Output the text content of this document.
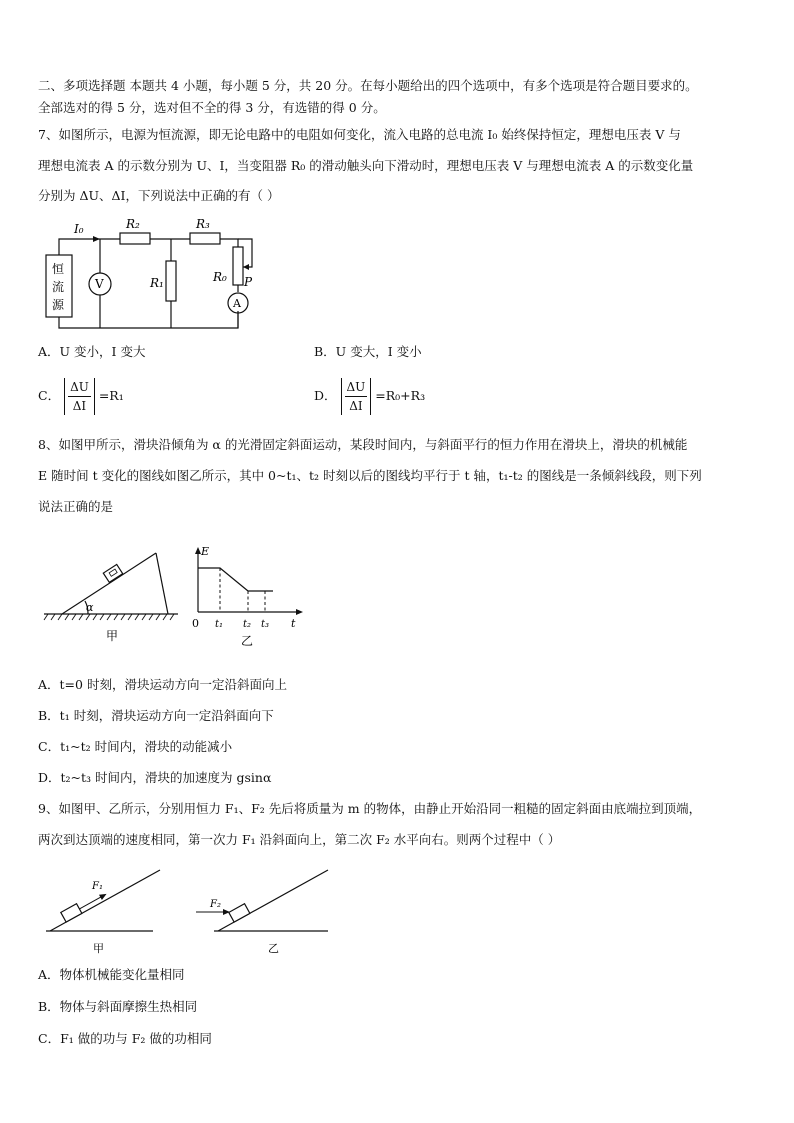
二、多项选择题 本题共 4 小题，每小题 5 分，共 20 分。在每小题给出的四个选项中，有多个选项是符合题目要求的。
全部选对的得 5 分，选对但不全的得 3 分，有选错的得 0 分。
7、如图所示，电源为恒流源，即无论电路中的电阻如何变化，流入电路的总电流 I₀ 始终保持恒定，理想电压表 V 与
理想电流表 A 的示数分别为 U、I，当变阻器 R₀ 的滑动触头向下滑动时，理想电压表 V 与理想电流表 A 的示数变化量
分别为 ΔU、ΔI，下列说法中正确的有（ ）
I₀	R₂	R₃
R₁	R₀ P
恒
流
源
V
A
A．U 变小，I 变大	B．U 变大，I 变小
C． $\frac{\Delta U}{\Delta I} =R_1$	D． $\frac{\Delta U}{\Delta I} =R_0+R_3$
8、如图甲所示，滑块沿倾角为 α 的光滑固定斜面运动，某段时间内，与斜面平行的恒力作用在滑块上，滑块的机械能
E 随时间 t 变化的图线如图乙所示，其中 0~t₁、t₂ 时刻以后的图线均平行于 t 轴，t₁-t₂ 的图线是一条倾斜线段，则下列
说法正确的是
α
甲
E
0 t₁ t₂ t₃ t
乙
A．t=0 时刻，滑块运动方向一定沿斜面向上
B．t₁ 时刻，滑块运动方向一定沿斜面向下
C．t₁~t₂ 时间内，滑块的动能减小
D．t₂~t₃ 时间内，滑块的加速度为 gsinα
9、如图甲、乙所示，分别用恒力 F₁、F₂ 先后将质量为 m 的物体，由静止开始沿同一粗糙的固定斜面由底端拉到顶端，
两次到达顶端的速度相同，第一次力 F₁ 沿斜面向上，第二次 F₂ 水平向右。则两个过程中（ ）
F₁
甲
F₂
乙
A．物体机械能变化量相同
B．物体与斜面摩擦生热相同
C．F₁ 做的功与 F₂ 做的功相同
